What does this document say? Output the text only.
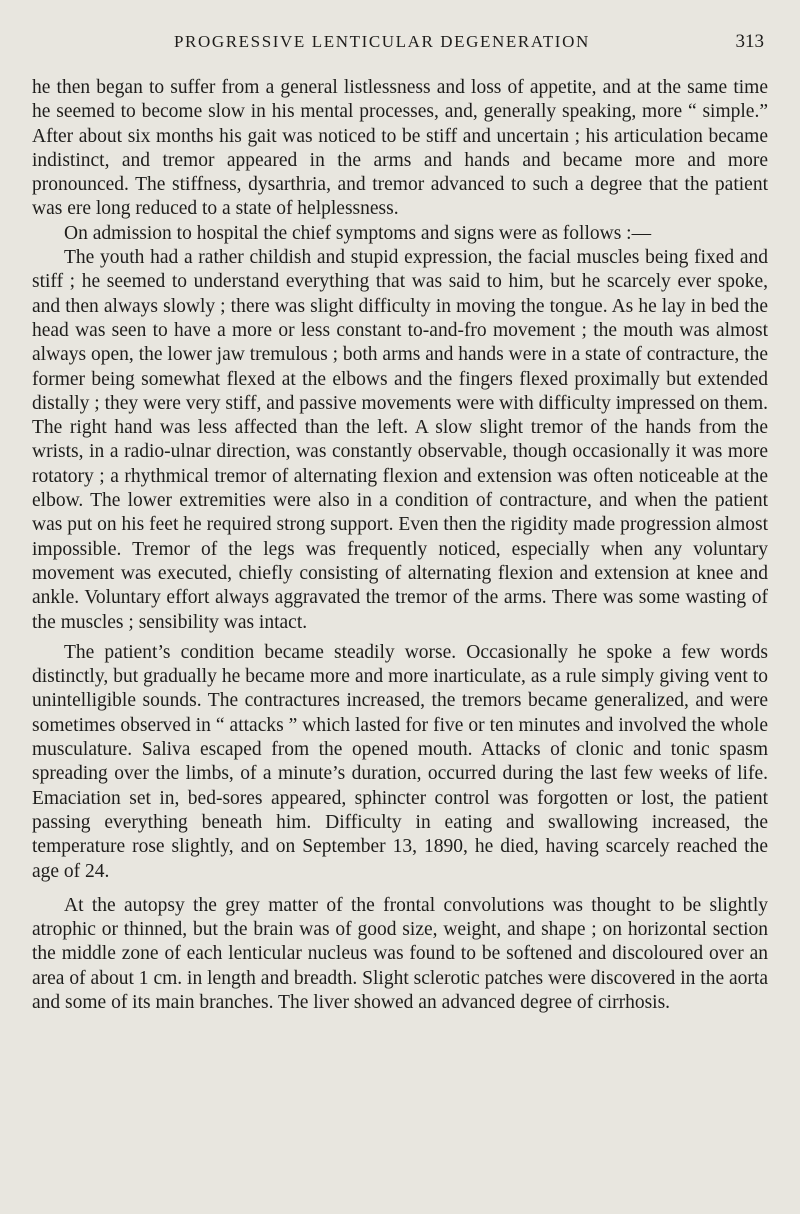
PROGRESSIVE LENTICULAR DEGENERATION	313

he then began to suffer from a general listlessness and loss of appetite, and at the same time he seemed to become slow in his mental processes, and, generally speaking, more “ simple.” After about six months his gait was noticed to be stiff and uncertain ; his articulation became indistinct, and tremor appeared in the arms and hands and became more and more pronounced. The stiffness, dysarthria, and tremor advanced to such a degree that the patient was ere long reduced to a state of helplessness.

On admission to hospital the chief symptoms and signs were as follows :—

The youth had a rather childish and stupid expression, the facial muscles being fixed and stiff ; he seemed to understand everything that was said to him, but he scarcely ever spoke, and then always slowly ; there was slight difficulty in moving the tongue. As he lay in bed the head was seen to have a more or less constant to-and-fro movement ; the mouth was almost always open, the lower jaw tremulous ; both arms and hands were in a state of contracture, the former being somewhat flexed at the elbows and the fingers flexed proximally but extended distally ; they were very stiff, and passive movements were with difficulty impressed on them. The right hand was less affected than the left. A slow slight tremor of the hands from the wrists, in a radio-ulnar direction, was constantly observable, though occasionally it was more rotatory ; a rhythmical tremor of alternating flexion and extension was often noticeable at the elbow. The lower extremities were also in a condition of contracture, and when the patient was put on his feet he required strong support. Even then the rigidity made progression almost impossible. Tremor of the legs was frequently noticed, especially when any voluntary movement was executed, chiefly consisting of alternating flexion and extension at knee and ankle. Voluntary effort always aggravated the tremor of the arms. There was some wasting of the muscles ; sensibility was intact.

The patient’s condition became steadily worse. Occasionally he spoke a few words distinctly, but gradually he became more and more inarticulate, as a rule simply giving vent to unintelligible sounds. The contractures increased, the tremors became generalized, and were sometimes observed in “ attacks ” which lasted for five or ten minutes and involved the whole musculature. Saliva escaped from the opened mouth. Attacks of clonic and tonic spasm spreading over the limbs, of a minute’s duration, occurred during the last few weeks of life. Emaciation set in, bed-sores appeared, sphincter control was forgotten or lost, the patient passing everything beneath him. Difficulty in eating and swallowing increased, the temperature rose slightly, and on September 13, 1890, he died, having scarcely reached the age of 24.

At the autopsy the grey matter of the frontal convolutions was thought to be slightly atrophic or thinned, but the brain was of good size, weight, and shape ; on horizontal section the middle zone of each lenticular nucleus was found to be softened and discoloured over an area of about 1 cm. in length and breadth. Slight sclerotic patches were discovered in the aorta and some of its main branches. The liver showed an advanced degree of cirrhosis.
